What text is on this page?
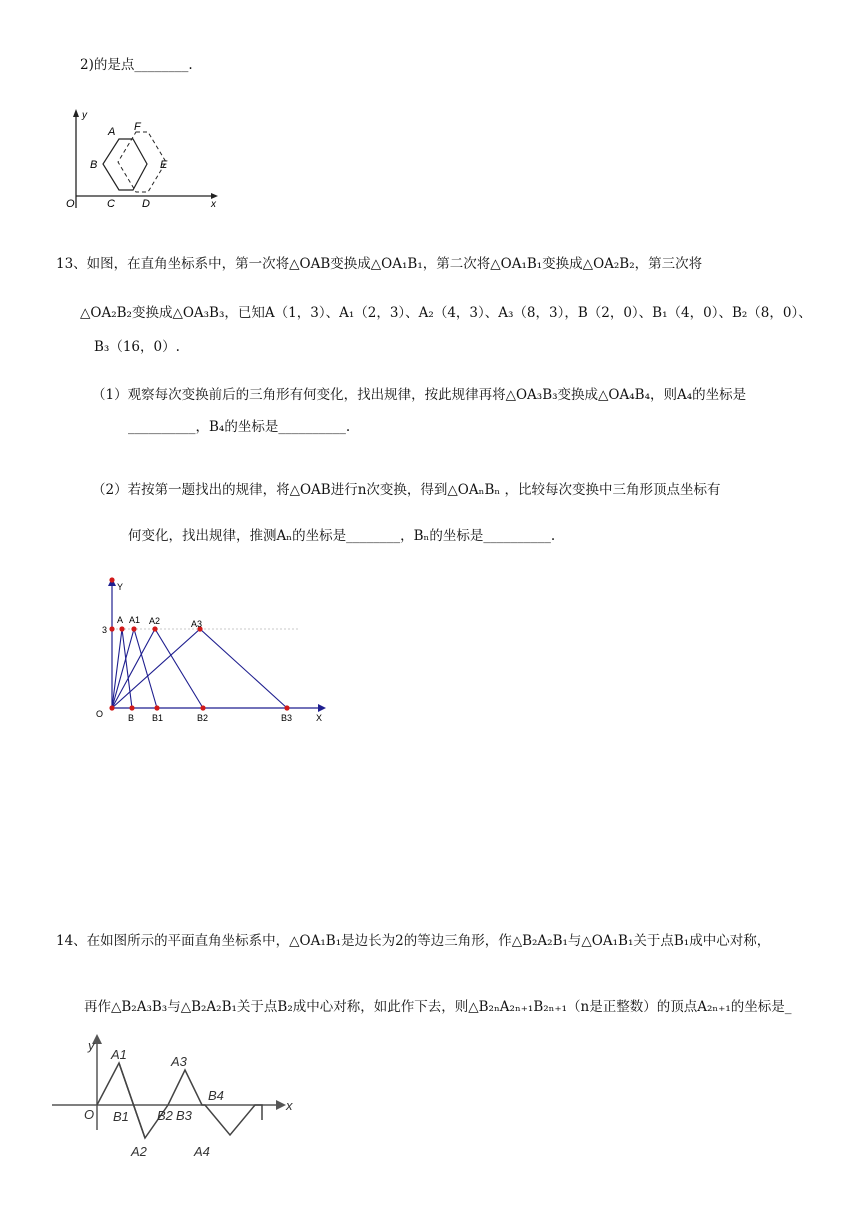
2)的是点________.
y
x
O
A F
B	E
C D
13、如图，在直角坐标系中，第一次将△OAB变换成△OA₁B₁，第二次将△OA₁B₁变换成△OA₂B₂，第三次将
△OA₂B₂变换成△OA₃B₃，已知A（1，3）、A₁（2，3）、A₂（4，3）、A₃（8，3），B（2，0）、B₁（4，0）、B₂（8，0）、
B₃（16，0）.
（1）观察每次变换前后的三角形有何变化，找出规律，按此规律再将△OA₃B₃变换成△OA₄B₄，则A₄的坐标是
__________，B₄的坐标是__________.
（2）若按第一题找出的规律，将△OAB进行n次变换，得到△OAₙBₙ ，比较每次变换中三角形顶点坐标有
何变化，找出规律，推测Aₙ的坐标是________，Bₙ的坐标是__________.
Y
3
O	X
A A1 A2	A3
B B1	B2	B3
14、在如图所示的平面直角坐标系中，△OA₁B₁是边长为2的等边三角形，作△B₂A₂B₁与△OA₁B₁关于点B₁成中心对称，
再作△B₂A₃B₃与△B₂A₂B₁关于点B₂成中心对称，如此作下去，则△B₂ₙA₂ₙ₊₁B₂ₙ₊₁（n是正整数）的顶点A₂ₙ₊₁的坐标是_
y
x
O
A1	A3
B1 B2 B3
B4
A2	A4
